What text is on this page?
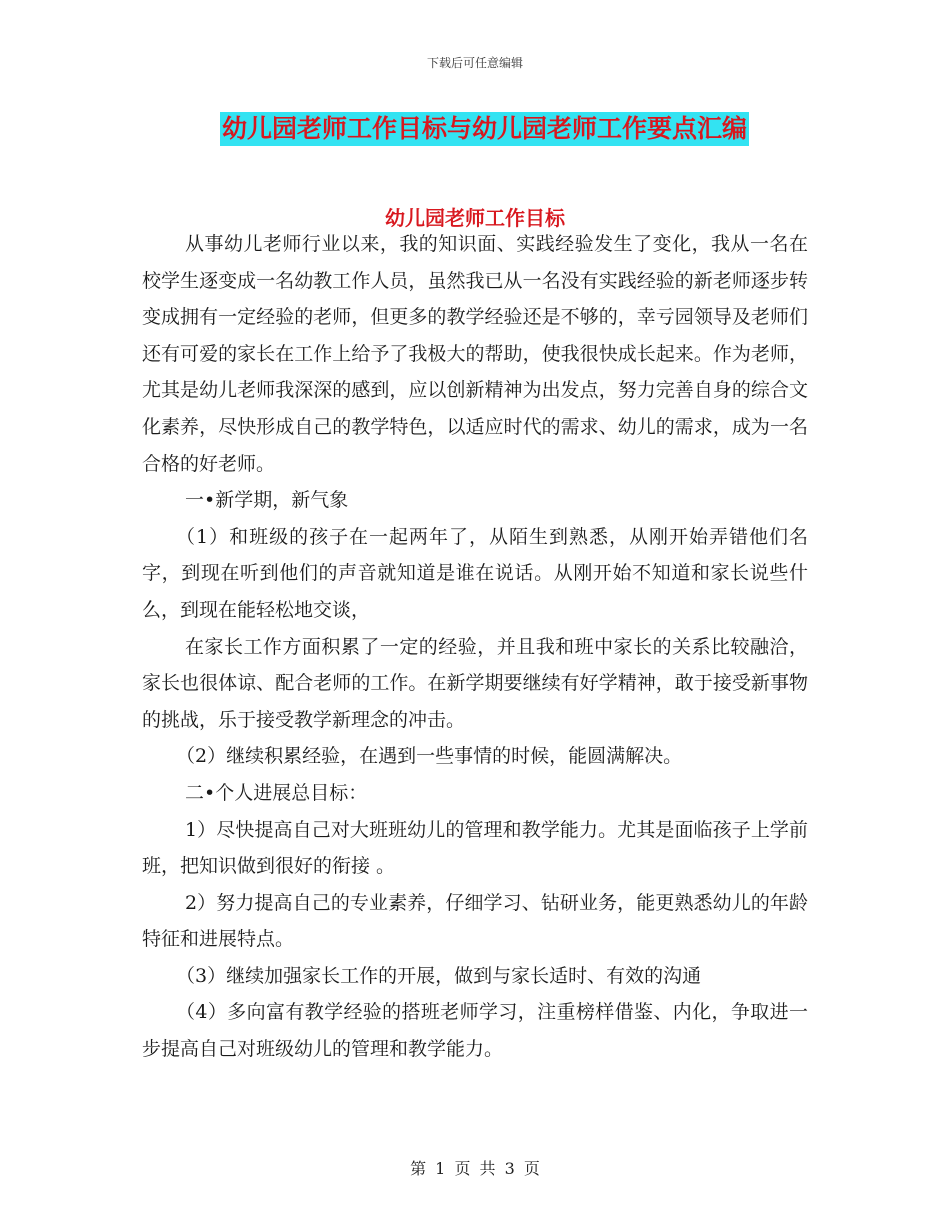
下载后可任意编辑
幼儿园老师工作目标与幼儿园老师工作要点汇编
幼儿园老师工作目标

从事幼儿老师行业以来，我的知识面、实践经验发生了变化，我从一名在校学生逐变成一名幼教工作人员，虽然我已从一名没有实践经验的新老师逐步转变成拥有一定经验的老师，但更多的教学经验还是不够的，幸亏园领导及老师们还有可爱的家长在工作上给予了我极大的帮助，使我很快成长起来。作为老师，尤其是幼儿老师我深深的感到，应以创新精神为出发点，努力完善自身的综合文化素养，尽快形成自己的教学特色，以适应时代的需求、幼儿的需求，成为一名合格的好老师。

一•新学期，新气象

（1）和班级的孩子在一起两年了，从陌生到熟悉，从刚开始弄错他们名字，到现在听到他们的声音就知道是谁在说话。从刚开始不知道和家长说些什么，到现在能轻松地交谈，

在家长工作方面积累了一定的经验，并且我和班中家长的关系比较融洽，家长也很体谅、配合老师的工作。在新学期要继续有好学精神，敢于接受新事物的挑战，乐于接受教学新理念的冲击。

（2）继续积累经验，在遇到一些事情的时候，能圆满解决。

二•个人进展总目标：

1）尽快提高自己对大班班幼儿的管理和教学能力。尤其是面临孩子上学前班，把知识做到很好的衔接 。

2）努力提高自己的专业素养，仔细学习、钻研业务，能更熟悉幼儿的年龄特征和进展特点。

（3）继续加强家长工作的开展，做到与家长适时、有效的沟通

（4）多向富有教学经验的搭班老师学习，注重榜样借鉴、内化，争取进一步提高自己对班级幼儿的管理和教学能力。

第 1 页 共 3 页
